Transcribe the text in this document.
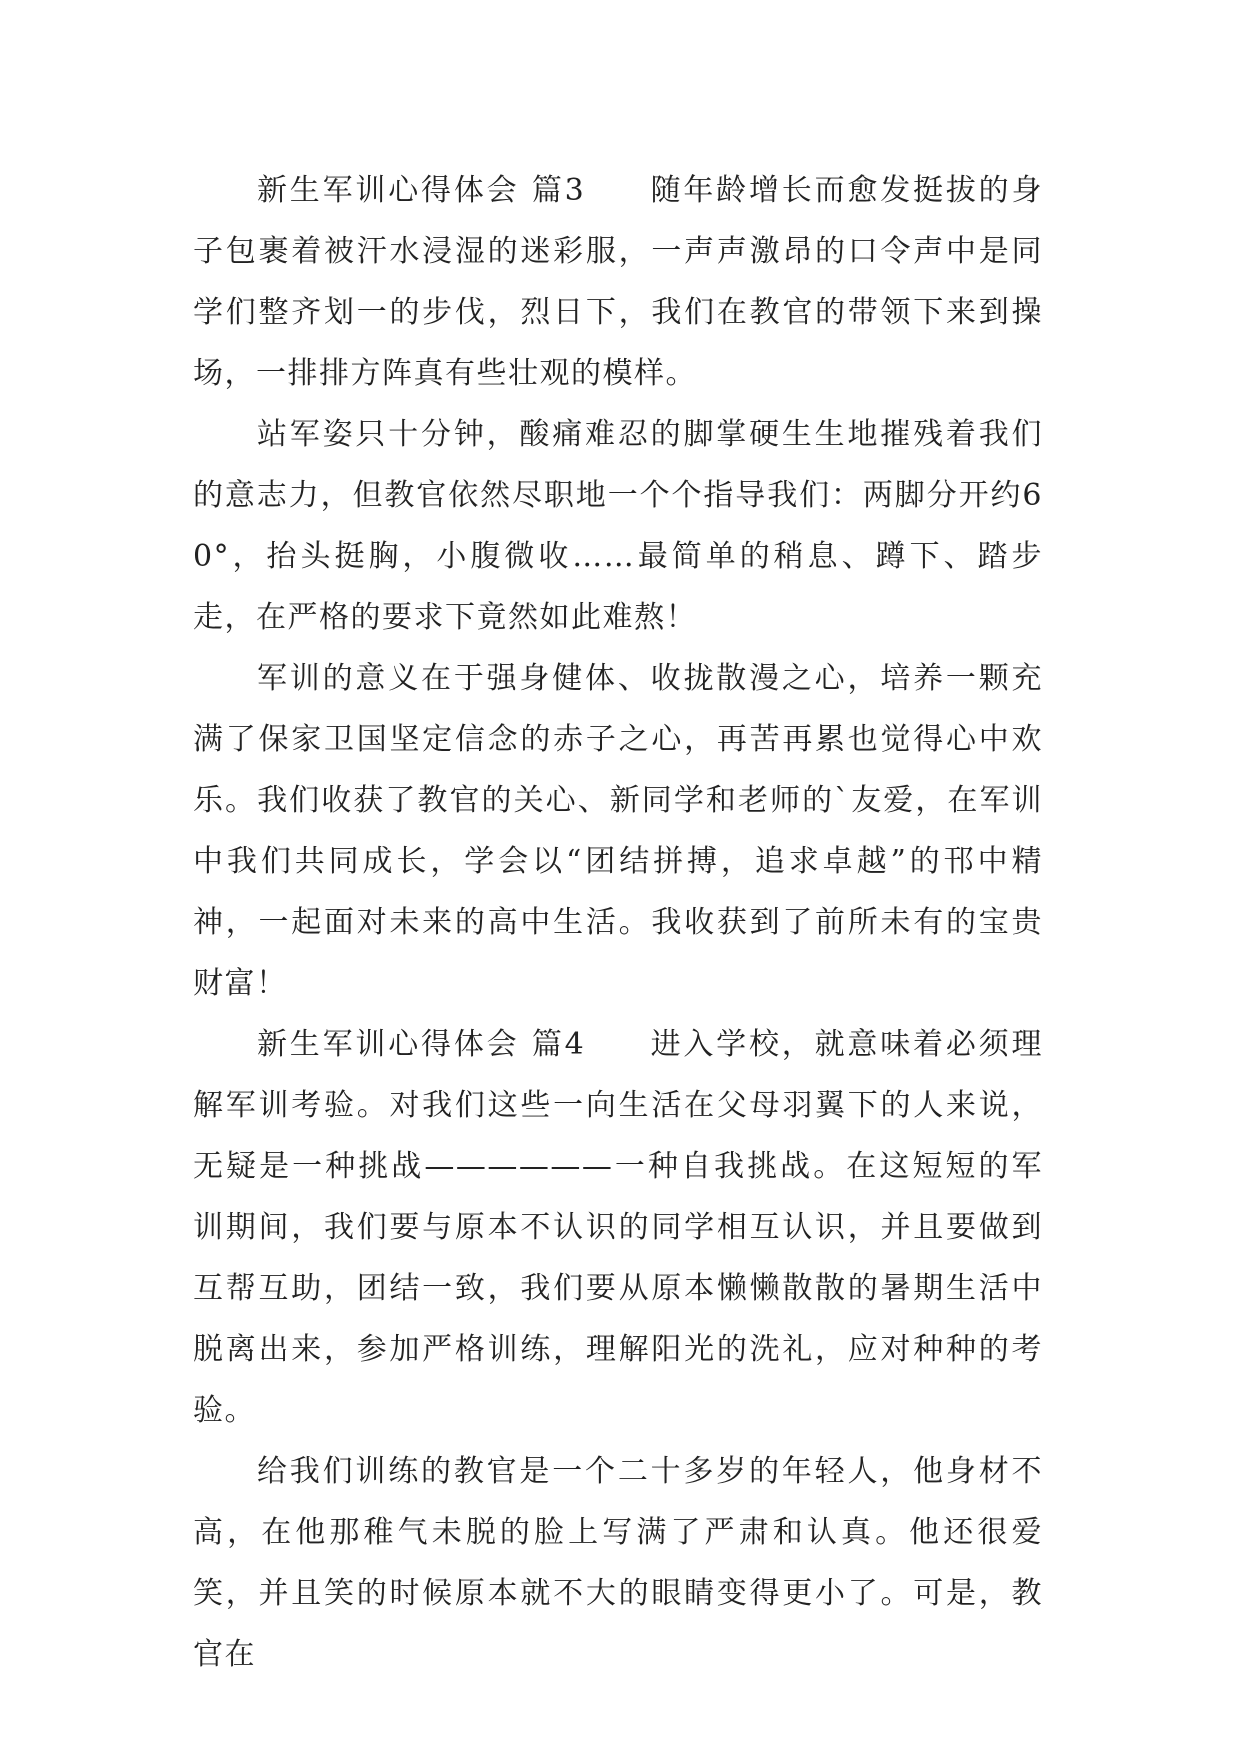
新生军训心得体会 篇3 随年龄增长而愈发挺拔的身子包裹着被汗水浸湿的迷彩服，一声声激昂的口令声中是同学们整齐划一的步伐，烈日下，我们在教官的带领下来到操场，一排排方阵真有些壮观的模样。

站军姿只十分钟，酸痛难忍的脚掌硬生生地摧残着我们的意志力，但教官依然尽职地一个个指导我们：两脚分开约60°，抬头挺胸，小腹微收……最简单的稍息、蹲下、踏步走，在严格的要求下竟然如此难熬！

军训的意义在于强身健体、收拢散漫之心，培养一颗充满了保家卫国坚定信念的赤子之心，再苦再累也觉得心中欢乐。我们收获了教官的关心、新同学和老师的`友爱，在军训中我们共同成长，学会以“团结拼搏，追求卓越”的邗中精神，一起面对未来的高中生活。我收获到了前所未有的宝贵财富！

新生军训心得体会 篇4 进入学校，就意味着必须理解军训考验。对我们这些一向生活在父母羽翼下的人来说，无疑是一种挑战——————一种自我挑战。在这短短的军训期间，我们要与原本不认识的同学相互认识，并且要做到互帮互助，团结一致，我们要从原本懒懒散散的暑期生活中脱离出来，参加严格训练，理解阳光的洗礼，应对种种的考验。

给我们训练的教官是一个二十多岁的年轻人，他身材不高，在他那稚气未脱的脸上写满了严肃和认真。他还很爱笑，并且笑的时候原本就不大的眼睛变得更小了。可是，教官在
